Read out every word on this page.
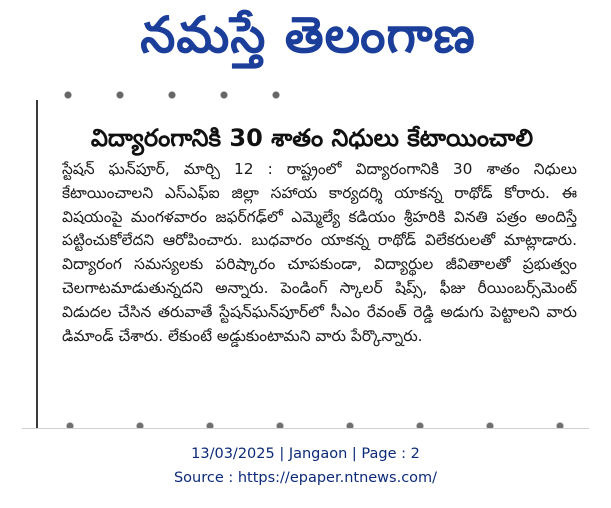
నమస్తే తెలంగాణ
విద్యారంగానికి 30 శాతం నిధులు కేటాయించాలి
స్టేషన్ ఘన్‌పూర్, మార్చి 12 : రాష్ట్రంలో విద్యారంగానికి 30 శాతం నిధులు కేటాయించాలని ఎస్ఎఫ్ఐ జిల్లా సహాయ కార్యదర్శి యాకన్న రాథోడ్ కోరారు. ఈ విషయంపై మంగళవారం జఫర్‌గఢ్‌లో ఎమ్మెల్యే కడియం శ్రీహరికి వినతి పత్రం అందిస్తే పట్టించుకోలేదని ఆరోపించారు. బుధవారం యాకన్న రాథోడ్ విలేకరులతో మాట్లాడారు. విద్యారంగ సమస్యలకు పరిష్కారం చూపకుండా, విద్యార్థుల జీవితాలతో ప్రభుత్వం చెలగాటమాడుతున్నదని అన్నారు. పెండింగ్ స్కాలర్ షిప్స్, ఫీజు రీయింబర్స్‌మెంట్ విడుదల చేసిన తరువాతే స్టేషన్‌ఘన్‌పూర్‌లో సీఎం రేవంత్ రెడ్డి అడుగు పెట్టాలని వారు డిమాండ్ చేశారు. లేకుంటే అడ్డుకుంటామని వారు పేర్కొన్నారు.
13/03/2025 | Jangaon | Page : 2
Source : https://epaper.ntnews.com/
